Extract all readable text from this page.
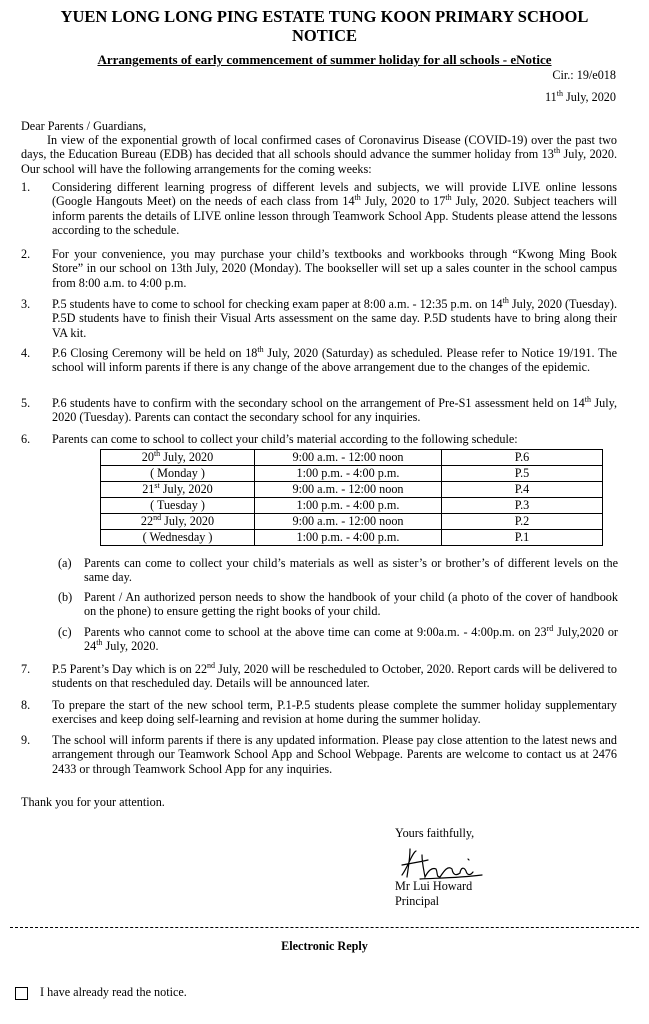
YUEN LONG LONG PING ESTATE TUNG KOON PRIMARY SCHOOL
NOTICE
Arrangements of early commencement of summer holiday for all schools - eNotice
Cir.: 19/e018
11th July, 2020
Dear Parents / Guardians,
In view of the exponential growth of local confirmed cases of Coronavirus Disease (COVID-19) over the past two days, the Education Bureau (EDB) has decided that all schools should advance the summer holiday from 13th July, 2020. Our school will have the following arrangements for the coming weeks:
1.	Considering different learning progress of different levels and subjects, we will provide LIVE online lessons (Google Hangouts Meet) on the needs of each class from 14th July, 2020 to 17th July, 2020. Subject teachers will inform parents the details of LIVE online lesson through Teamwork School App. Students please attend the lessons according to the schedule.
2.	For your convenience, you may purchase your child’s textbooks and workbooks through “Kwong Ming Book Store” in our school on 13th July, 2020 (Monday). The bookseller will set up a sales counter in the school campus from 8:00 a.m. to 4:00 p.m.
3.	P.5 students have to come to school for checking exam paper at 8:00 a.m. - 12:35 p.m. on 14th July, 2020 (Tuesday). P.5D students have to finish their Visual Arts assessment on the same day. P.5D students have to bring along their VA kit.
4.	P.6 Closing Ceremony will be held on 18th July, 2020 (Saturday) as scheduled. Please refer to Notice 19/191. The school will inform parents if there is any change of the above arrangement due to the changes of the epidemic.
5.	P.6 students have to confirm with the secondary school on the arrangement of Pre-S1 assessment held on 14th July, 2020 (Tuesday). Parents can contact the secondary school for any inquiries.
6.	Parents can come to school to collect your child’s material according to the following schedule:
20th July, 2020	9:00 a.m. - 12:00 noon	P.6
( Monday )	1:00 p.m. - 4:00 p.m.	P.5
21st July, 2020	9:00 a.m. - 12:00 noon	P.4
( Tuesday )	1:00 p.m. - 4:00 p.m.	P.3
22nd July, 2020	9:00 a.m. - 12:00 noon	P.2
( Wednesday )	1:00 p.m. - 4:00 p.m.	P.1
(a)	Parents can come to collect your child’s materials as well as sister’s or brother’s of different levels on the same day.
(b) Parent / An authorized person needs to show the handbook of your child (a photo of the cover of handbook on the phone) to ensure getting the right books of your child.
(c)	Parents who cannot come to school at the above time can come at 9:00a.m. - 4:00p.m. on 23rd July,2020 or 24th July, 2020.
7.	P.5 Parent’s Day which is on 22nd July, 2020 will be rescheduled to October, 2020. Report cards will be delivered to students on that rescheduled day. Details will be announced later.
8.	To prepare the start of the new school term, P.1-P.5 students please complete the summer holiday supplementary exercises and keep doing self-learning and revision at home during the summer holiday.
9.	The school will inform parents if there is any updated information. Please pay close attention to the latest news and arrangement through our Teamwork School App and School Webpage. Parents are welcome to contact us at 2476 2433 or through Teamwork School App for any inquiries.
Thank you for your attention.
Yours faithfully,
Mr Lui Howard
Principal
Electronic Reply
I have already read the notice.
